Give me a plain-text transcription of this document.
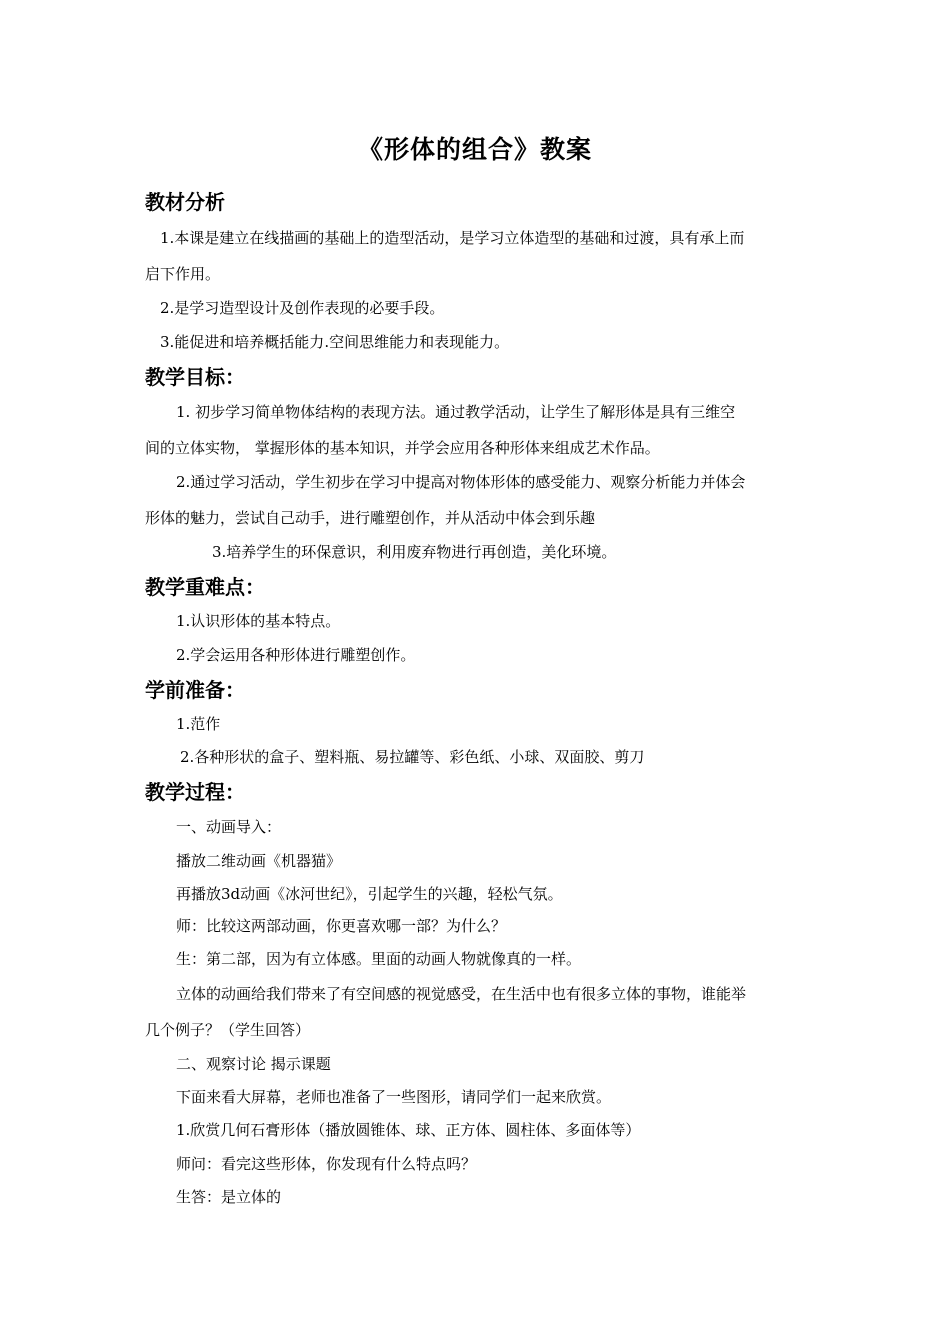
《形体的组合》教案
教材分析

1.本课是建立在线描画的基础上的造型活动，是学习立体造型的基础和过渡，具有承上而

启下作用。

2.是学习造型设计及创作表现的必要手段。

3.能促进和培养概括能力.空间思维能力和表现能力。

教学目标：

1. 初步学习简单物体结构的表现方法。通过教学活动，让学生了解形体是具有三维空

间的立体实物， 掌握形体的基本知识，并学会应用各种形体来组成艺术作品。

2.通过学习活动，学生初步在学习中提高对物体形体的感受能力、观察分析能力并体会

形体的魅力，尝试自己动手，进行雕塑创作，并从活动中体会到乐趣

3.培养学生的环保意识，利用废弃物进行再创造，美化环境。

教学重难点：

1.认识形体的基本特点。

2.学会运用各种形体进行雕塑创作。

学前准备：

1.范作

2.各种形状的盒子、塑料瓶、易拉罐等、彩色纸、小球、双面胶、剪刀

教学过程：

一、动画导入：

播放二维动画《机器猫》

再播放3d动画《冰河世纪》，引起学生的兴趣，轻松气氛。

师：比较这两部动画，你更喜欢哪一部？为什么？

生：第二部，因为有立体感。里面的动画人物就像真的一样。

立体的动画给我们带来了有空间感的视觉感受，在生活中也有很多立体的事物，谁能举

几个例子？（学生回答）

二、观察讨论 揭示课题

下面来看大屏幕，老师也准备了一些图形，请同学们一起来欣赏。

1.欣赏几何石膏形体（播放圆锥体、球、正方体、圆柱体、多面体等）

师问：看完这些形体，你发现有什么特点吗？

生答：是立体的
